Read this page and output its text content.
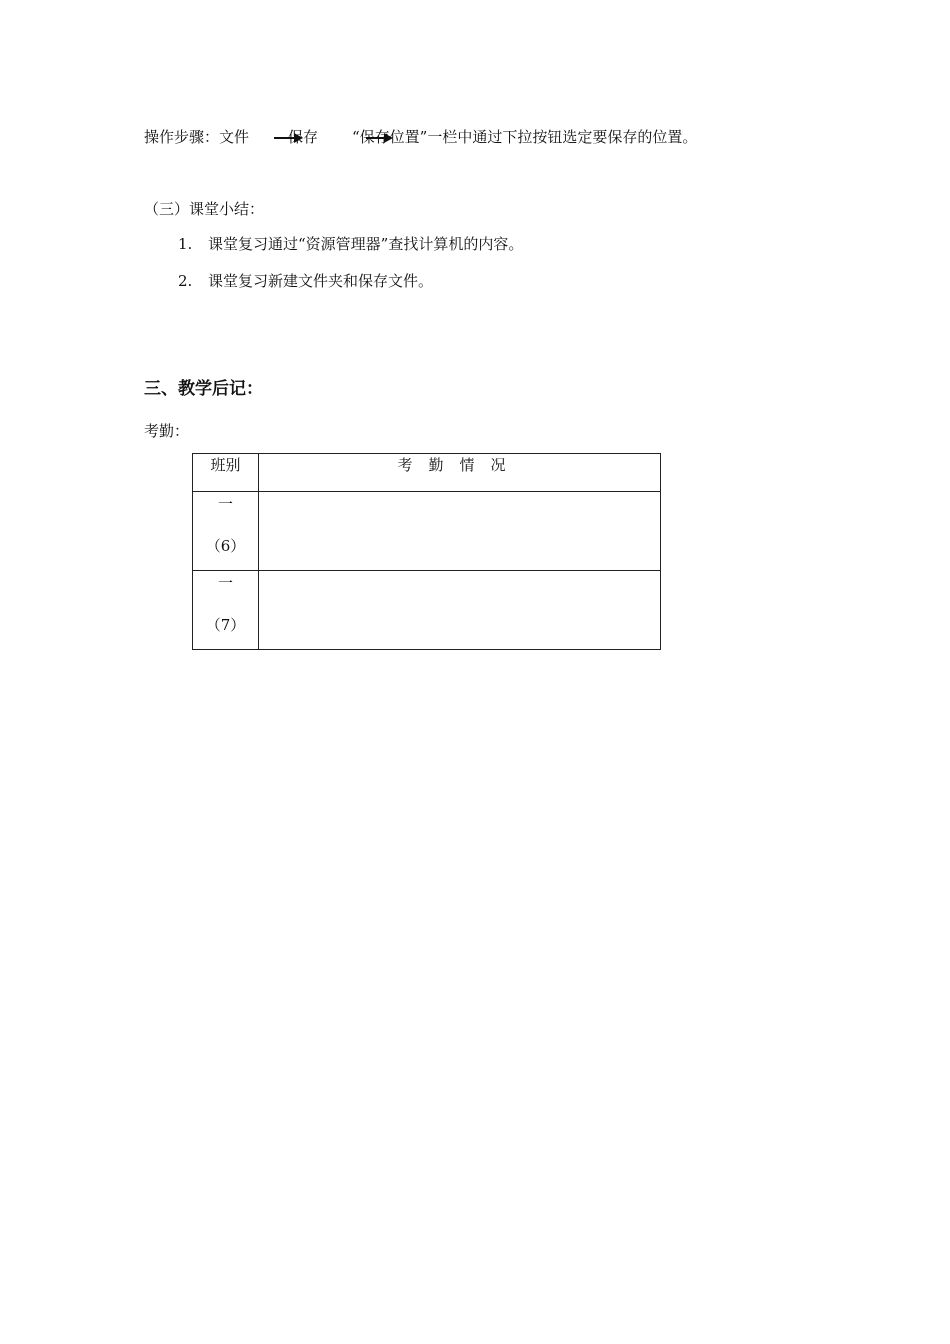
操作步骤：文件	保存 “保存位置”一栏中通过下拉按钮选定要保存的位置。
（三）课堂小结：
1. 课堂复习通过“资源管理器”查找计算机的内容。
2. 课堂复习新建文件夹和保存文件。
三、教学后记：
考勤：
班别	考勤情况

一
（6）	

一
（7）	
